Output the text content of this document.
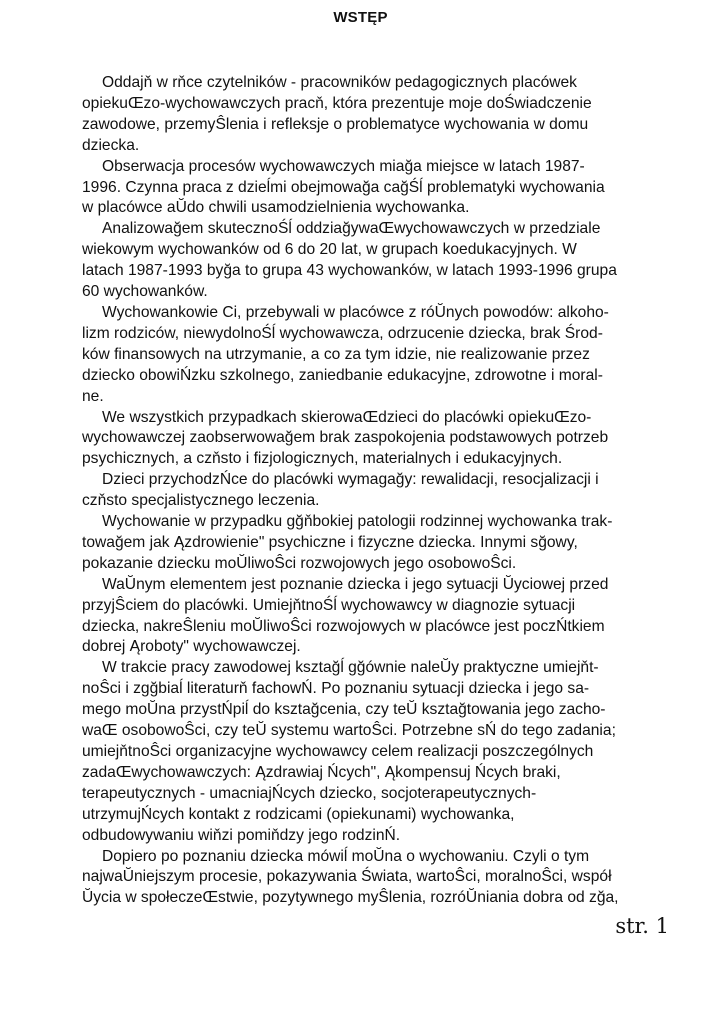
WSTĘP
Oddajň w rňce czytelników - pracowników pedagogicznych placówek
opiekuŒzo-wychowawczych pracň, która prezentuje moje doŚwiadczenie
zawodowe, przemyŜlenia i refleksje o problematyce wychowania w domu
dziecka.
Obserwacja procesów wychowawczych miağa miejsce w latach 1987-
1996. Czynna praca z dzieĺmi obejmowağa cağŚĺ problematyki wychowania
w placówce aŬdo chwili usamodzielnienia wychowanka.
Analizowağem skutecznoŚĺ oddziağywaŒwychowawczych w przedziale
wiekowym wychowanków od 6 do 20 lat, w grupach koedukacyjnych. W
latach 1987-1993 byğa to grupa 43 wychowanków, w latach 1993-1996 grupa
60 wychowanków.
Wychowankowie Ci, przebywali w placówce z róŬnych powodów: alkoho-
lizm rodziców, niewydolnoŚĺ wychowawcza, odrzucenie dziecka, brak Środ-
ków finansowych na utrzymanie, a co za tym idzie, nie realizowanie przez
dziecko obowiŃzku szkolnego, zaniedbanie edukacyjne, zdrowotne i moral-
ne.
We wszystkich przypadkach skierowaŒdzieci do placówki opiekuŒzo-
wychowawczej zaobserwowağem brak zaspokojenia podstawowych potrzeb
psychicznych, a czňsto i fizjologicznych, materialnych i edukacyjnych.
Dzieci przychodzŃce do placówki wymagağy: rewalidacji, resocjalizacji i
czňsto specjalistycznego leczenia.
Wychowanie w przypadku gğňbokiej patologii rodzinnej wychowanka trak-
towağem jak Ązdrowienie" psychiczne i fizyczne dziecka. Innymi sğowy,
pokazanie dziecku moŬliwoŜci rozwojowych jego osobowoŜci.
WaŬnym elementem jest poznanie dziecka i jego sytuacji Ŭyciowej przed
przyjŜciem do placówki. UmiejňtnoŚĺ wychowawcy w diagnozie sytuacji
dziecka, nakreŜleniu moŬliwoŜci rozwojowych w placówce jest poczŃtkiem
dobrej Ąroboty" wychowawczej.
W trakcie pracy zawodowej ksztağĺ gğównie naleŬy praktyczne umiejňt-
noŜci i zgğbiaĺ literaturň fachowŃ. Po poznaniu sytuacji dziecka i jego sa-
mego moŬna przystŃpiĺ do ksztağcenia, czy teŬ ksztağtowania jego zacho-
waŒ osobowoŜci, czy teŬ systemu wartoŜci. Potrzebne sŃ do tego zadania;
umiejňtnoŜci organizacyjne wychowawcy celem realizacji poszczególnych
zadaŒwychowawczych: Ązdrawiaj Ńcych", Ąkompensuj Ńcych braki,
terapeutycznych - umacniajŃcych dziecko, socjoterapeutycznych-
utrzymujŃcych kontakt z rodzicami (opiekunami) wychowanka,
odbudowywaniu wiňzi pomiňdzy jego rodzinŃ.
Dopiero po poznaniu dziecka mówiĺ moŬna o wychowaniu. Czyli o tym
najwaŬniejszym procesie, pokazywania Świata, wartoŜci, moralnoŜci, współ
Ŭycia w społeczeŒstwie, pozytywnego myŜlenia, rozróŬniania dobra od zğa,
str. 1
